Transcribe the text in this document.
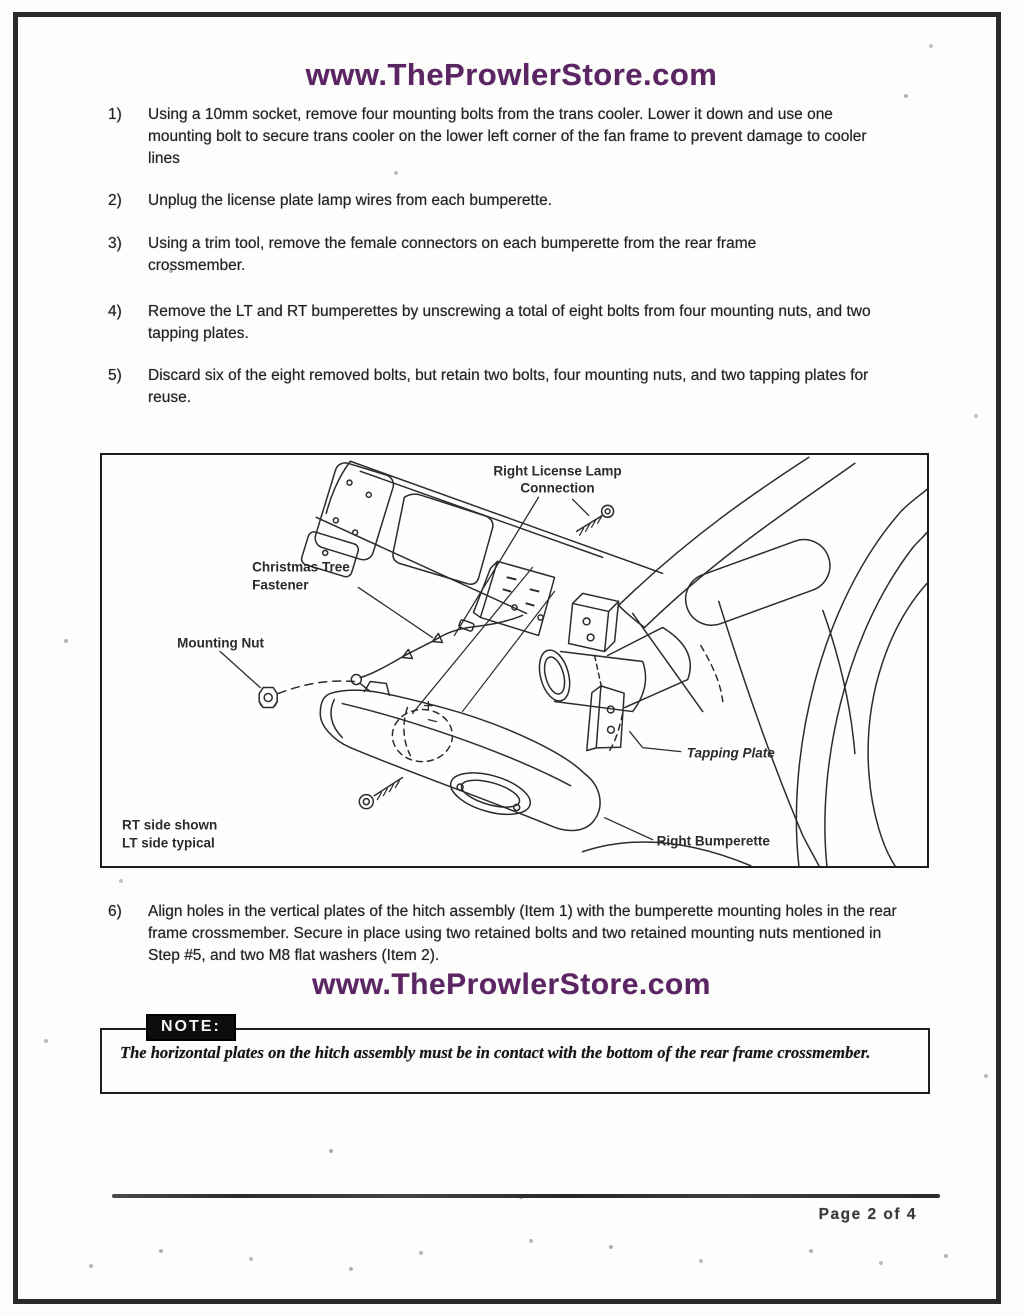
www.TheProwlerStore.com
1)	Using a 10mm socket, remove four mounting bolts from the trans cooler. Lower it down and use one mounting bolt to secure trans cooler on the lower left corner of the fan frame to prevent damage to cooler lines
2)	Unplug the license plate lamp wires from each bumperette.
3)	Using a trim tool, remove the female connectors on each bumperette from the rear frame crossmember.
4)	Remove the LT and RT bumperettes by unscrewing a total of eight bolts from four mounting nuts, and two tapping plates.
5)	Discard six of the eight removed bolts, but retain two bolts, four mounting nuts, and two tapping plates for reuse.
Right License Lamp
Connection
Christmas Tree
Fastener
Mounting Nut
Tapping Plate
Right Bumperette
RT side shown
LT side typical
6)	Align holes in the vertical plates of the hitch assembly (Item 1) with the bumperette mounting holes in the rear frame crossmember. Secure in place using two retained bolts and two retained mounting nuts mentioned in Step #5, and two M8 flat washers (Item 2).
www.TheProwlerStore.com
NOTE:
The horizontal plates on the hitch assembly must be in contact with the bottom of the rear frame crossmember.
Page 2 of 4
